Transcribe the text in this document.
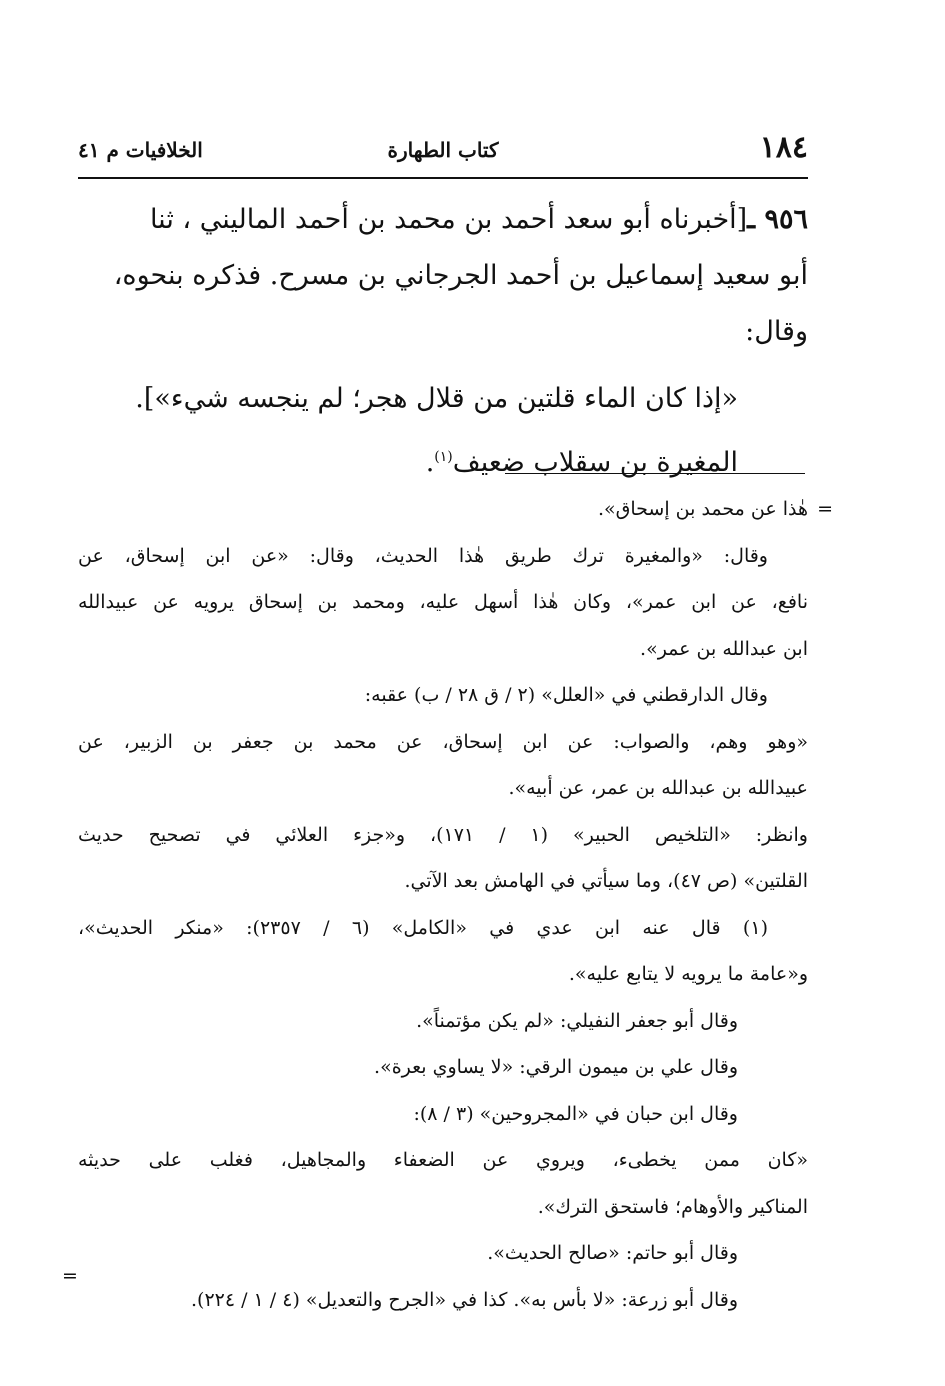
١٨٤
كتاب الطهارة
الخلافيات م ٤١
٩٥٦ ـ[أخبرناه أبو سعد أحمد بن محمد بن أحمد الماليني ، ثنا
أبو سعيد إسماعيل بن أحمد الجرجاني بن مسرح. فذكره بنحوه،
وقال:
«إذا كان الماء قلتين من قلال هجر؛ لم ينجسه شيء»].
المغيرة بن سقلاب ضعيف$^{(١)}$.
=
هٰذا عن محمد بن إسحاق».
وقال: «والمغيرة ترك طريق هٰذا الحديث، وقال: «عن ابن إسحاق، عن
نافع، عن ابن عمر»، وكان هٰذا أسهل عليه، ومحمد بن إسحاق يرويه عن عبيدالله
ابن عبدالله بن عمر».
وقال الدارقطني في «العلل» (٢ / ق ٢٨ / ب) عقبه:
«وهو وهم، والصواب: عن ابن إسحاق، عن محمد بن جعفر بن الزبير، عن
عبيدالله بن عبدالله بن عمر، عن أبيه».
وانظر: «التلخيص الحبير» (١ / ١٧١)، و«جزء العلائي في تصحيح حديث
القلتين» (ص ٤٧)، وما سيأتي في الهامش بعد الآتي.
(١) قال عنه ابن عدي في «الكامل» (٦ / ٢٣٥٧): «منكر الحديث»،
و«عامة ما يرويه لا يتابع عليه».
وقال أبو جعفر النفيلي: «لم يكن مؤتمناً».
وقال علي بن ميمون الرقي: «لا يساوي بعرة».
وقال ابن حبان في «المجروحين» (٣ / ٨):
«كان ممن يخطىء، ويروي عن الضعفاء والمجاهيل، فغلب على حديثه
المناكير والأوهام؛ فاستحق الترك».
وقال أبو حاتم: «صالح الحديث».
وقال أبو زرعة: «لا بأس به». كذا في «الجرح والتعديل» (٤ / ١ / ٢٢٤).
=
